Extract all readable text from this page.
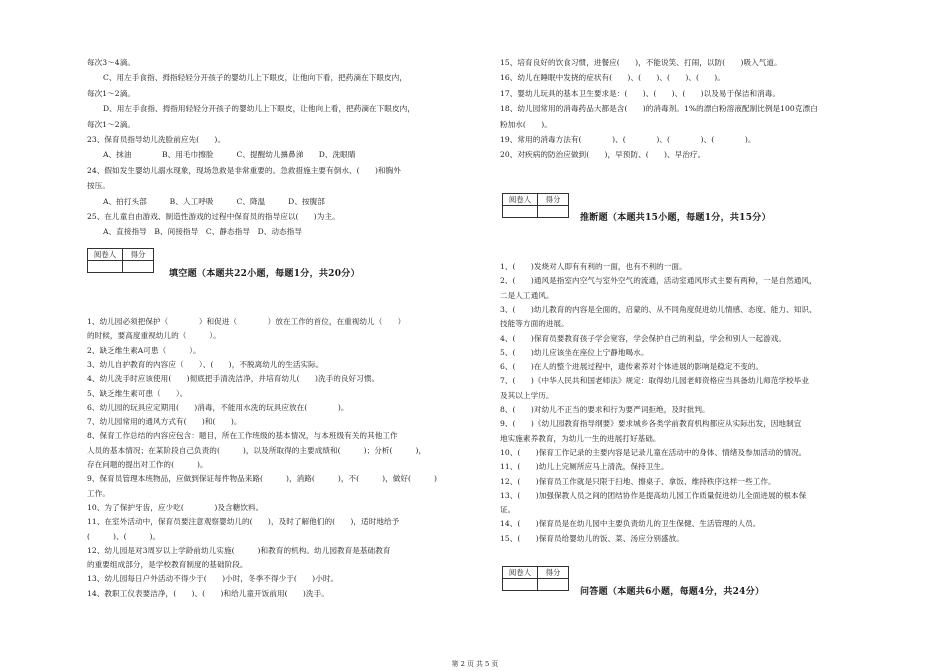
每次3～4滴。
C、用左手食指、拇指轻轻分开孩子的婴幼儿上下眼皮，让他向下看，把药滴在下眼皮内，
每次1～2滴。
D、用左手食指、拇指用轻轻分开孩子的婴幼儿上下眼皮，让他向上看，把药滴在下眼皮内，
每次1～2滴。
23、保育员指导幼儿洗脸前应先(　　)。
A、抹油　　　　B、用毛巾擦脸　　　C、提醒幼儿擤鼻涕　　D、洗眼睛
24、假如发生婴幼儿溺水现象，现场急救是非常重要的。急救措施主要有倒水、(　　)和胸外
按压。
A、拍打头部　　　B、人工呼吸　　　C、降温　　　D、按腹部
25、在儿童自由游戏、制造性游戏的过程中保育员的指导应以(　　)为主。
A、直接指导　B、间接指导　C、静态指导　D、动态指导
阅卷人	得分

填空题（本题共22小题，每题1分，共20分）
1、幼儿园必须把保护（　　　　）和促进（　　　　）放在工作的首位，在重视幼儿（　　）
的时候，要高度重视幼儿的（　　　）。
2、缺乏维生素A可患（　　　）。
3、幼儿自护教育的内容应（　　）、(　　)，不脱离幼儿的生活实际。
4、幼儿洗手时应该使用(　　)彻底把手清洗洁净，并培育幼儿(　　)洗手的良好习惯。
5、缺乏维生素可患（　　）。
6、幼儿园的玩具应定期用(　　)消毒，不能用水洗的玩具应放在(　　　　)。
7、幼儿园常用的通风方式有(　　)和(　　)。
8、保育工作总结的内容应包含：题目，所在工作班级的基本情况，与本班级有关的其他工作
人员的基本情况；在某阶段自己负责的(　　　)，以及所取得的主要成绩和(　　　)；分析(　　　)，
存在问题的提出对工作的(　　　)。
9、保育员管理本班物品，应做到保证每件物品来路(　　　)，消路(　　　)，不(　　　)，做好(　　　)
工作。
10、为了保护牙齿，应少吃(　　　　)及含糖饮料。
11、在室外活动中，保育员要注意观察婴幼儿的(　　)，及时了解他们的(　　)，适时地给予
(　　　)、(　　　)。
12、幼儿园是对3周岁以上学龄前幼儿实施(　　　)和教育的机构。幼儿园教育是基础教育
的重要组成部分，是学校教育制度的基础阶段。
13、幼儿园每日户外活动不得少于(　　)小时，冬季不得少于(　　)小时。
14、教职工仪表要洁净，(　　)、(　　)和给儿童开饭前用(　　)洗手。
15、培育良好的饮食习惯，进餐应(　　)，不能说笑、打闹，以防(　　)吸入气道。
16、幼儿在睡眠中发挠的症状有(　　)、(　　)、(　　)、(　　)。
17、婴幼儿玩具的基本卫生要求是：(　　)、(　　)、(　　)以及易于保洁和消毒。
18、幼儿园常用的消毒药品大都是含(　　)的消毒剂。1%的漂白粉溶液配制比例是100克漂白
粉加水(　　)。
19、常用的消毒方法有(　　　　)、(　　　　)、(　　　　)、(　　　　)。
20、对疾病的防治应做到(　　)，早预防、(　　)、早治疗。
阅卷人	得分

推断题（本题共15小题，每题1分，共15分）
1、(　　)发烧对人即有有利的一面，也有不利的一面。
2、(　　)通风是指室内空气与室外空气的流通，活动室通风形式主要有两种，一是自然通风，
二是人工通风。
3、(　　)幼儿教育的内容是全面的，启蒙的、从不同角度促进幼儿情感、态度、能力、知识、
技能等方面的进展。
4、(　　)保育员要教育孩子学会宽容，学会保护自己的利益，学会和别人一起游戏。
5、(　　)幼儿应该坐在座位上宁静地喝水。
6、(　　)在人的整个进展过程中，遗传素养对个体进展的影响是稳定不变的。
7、(　　)《中华人民共和国老师法》规定：取得幼儿园老师资格应当具备幼儿师范学校毕业
及其以上学历。
8、(　　)对幼儿不正当的要求和行为要严词拒绝，及时批判。
9、(　　)《幼儿园教育指导纲要》要求城乡各类学前教育机构都应从实际出发，因地制宜
地实施素养教育，为幼儿一生的进展打好基础。
10、(　　)保育工作记录的主要内容是记录儿童在活动中的身体、情绪及参加活动的情况。
11、(　　)幼儿上完厕所应马上清洗，保持卫生。
12、(　　)保育员工作就是只限于扫地、擦桌子、拿饭、维持秩序这样一些工作。
13、(　　)加强保教人员之间的团结协作是提高幼儿园工作质量促进幼儿全面进展的根本保
证。
14、(　　)保育员是在幼儿园中主要负责幼儿的卫生保健、生活管理的人员。
15、(　　)保育员给婴幼儿的饭、菜、汤应分别盛放。
阅卷人	得分

问答题（本题共6小题，每题4分，共24分）
第 2 页 共 5 页
